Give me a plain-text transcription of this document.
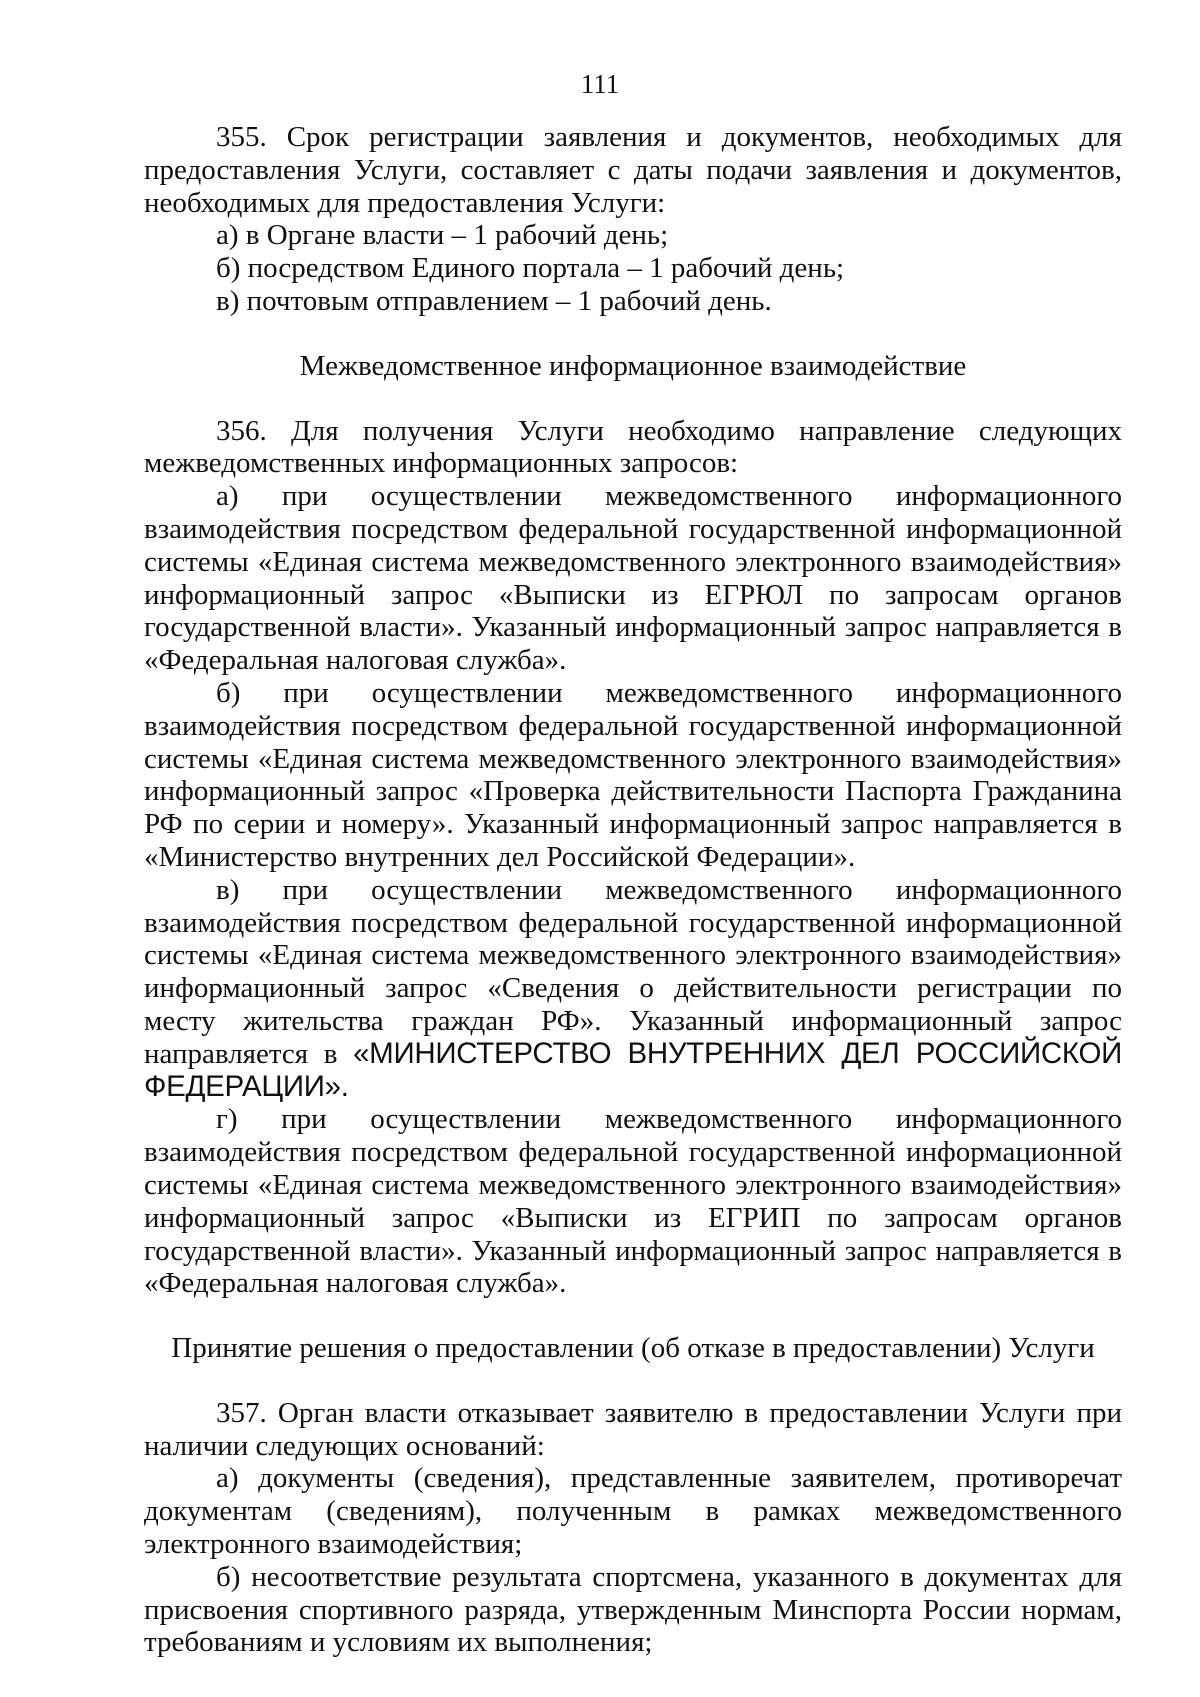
111

355. Срок регистрации заявления и документов, необходимых для предоставления Услуги, составляет с даты подачи заявления и документов, необходимых для предоставления Услуги:

а) в Органе власти – 1 рабочий день;

б) посредством Единого портала – 1 рабочий день;

в) почтовым отправлением – 1 рабочий день.

Межведомственное информационное взаимодействие

356. Для получения Услуги необходимо направление следующих межведомственных информационных запросов:

а) при осуществлении межведомственного информационного взаимодействия посредством федеральной государственной информационной системы «Единая система межведомственного электронного взаимодействия» информационный запрос «Выписки из ЕГРЮЛ по запросам органов государственной власти». Указанный информационный запрос направляется в «Федеральная налоговая служба».

б) при осуществлении межведомственного информационного взаимодействия посредством федеральной государственной информационной системы «Единая система межведомственного электронного взаимодействия» информационный запрос «Проверка действительности Паспорта Гражданина РФ по серии и номеру». Указанный информационный запрос направляется в «Министерство внутренних дел Российской Федерации».

в) при осуществлении межведомственного информационного взаимодействия посредством федеральной государственной информационной системы «Единая система межведомственного электронного взаимодействия» информационный запрос «Сведения о действительности регистрации по месту жительства граждан РФ». Указанный информационный запрос направляется в «МИНИСТЕРСТВО ВНУТРЕННИХ ДЕЛ РОССИЙСКОЙ ФЕДЕРАЦИИ».

г) при осуществлении межведомственного информационного взаимодействия посредством федеральной государственной информационной системы «Единая система межведомственного электронного взаимодействия» информационный запрос «Выписки из ЕГРИП по запросам органов государственной власти». Указанный информационный запрос направляется в «Федеральная налоговая служба».

Принятие решения о предоставлении (об отказе в предоставлении) Услуги

357. Орган власти отказывает заявителю в предоставлении Услуги при наличии следующих оснований:

а) документы (сведения), представленные заявителем, противоречат документам (сведениям), полученным в рамках межведомственного электронного взаимодействия;

б) несоответствие результата спортсмена, указанного в документах для присвоения спортивного разряда, утвержденным Минспорта России нормам, требованиям и условиям их выполнения;
